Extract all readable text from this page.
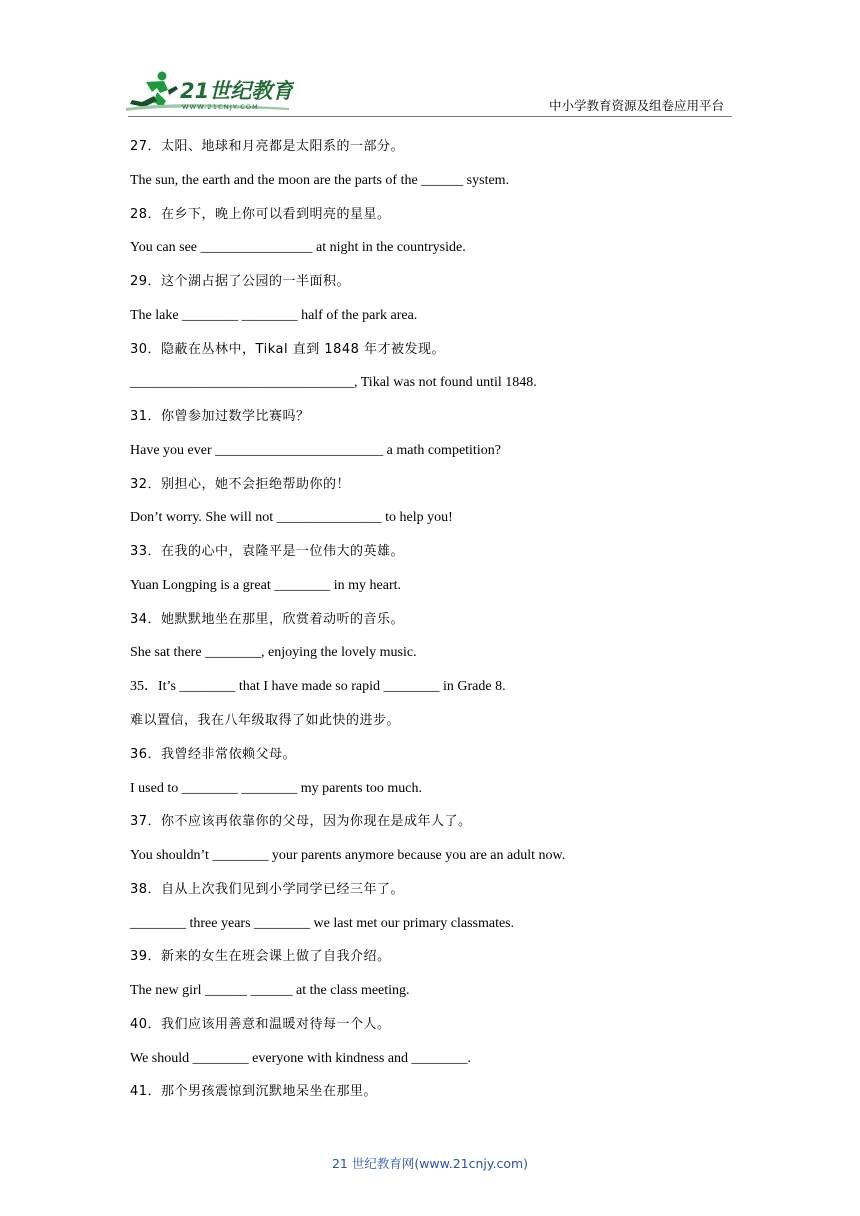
21世纪教育
WWW.21CNJY.COM	中小学教育资源及组卷应用平台
27．太阳、地球和月亮都是太阳系的一部分。
The sun, the earth and the moon are the parts of the ______ system.
28．在乡下，晚上你可以看到明亮的星星。
You can see ________________ at night in the countryside.
29．这个湖占据了公园的一半面积。
The lake ________ ________ half of the park area.
30．隐蔽在丛林中，Tikal 直到 1848 年才被发现。
________________________________, Tikal was not found until 1848.
31．你曾参加过数学比赛吗？
Have you ever ________________________ a math competition?
32．别担心，她不会拒绝帮助你的！
Don’t worry. She will not _______________ to help you!
33．在我的心中，袁隆平是一位伟大的英雄。
Yuan Longping is a great ________ in my heart.
34．她默默地坐在那里，欣赏着动听的音乐。
She sat there ________, enjoying the lovely music.
35．It’s ________ that I have made so rapid ________ in Grade 8.
难以置信，我在八年级取得了如此快的进步。
36．我曾经非常依赖父母。
I used to ________ ________ my parents too much.
37．你不应该再依靠你的父母，因为你现在是成年人了。
You shouldn’t ________ your parents anymore because you are an adult now.
38．自从上次我们见到小学同学已经三年了。
________ three years ________ we last met our primary classmates.
39．新来的女生在班会课上做了自我介绍。
The new girl ______ ______ at the class meeting.
40．我们应该用善意和温暖对待每一个人。
We should ________ everyone with kindness and ________.
41．那个男孩震惊到沉默地呆坐在那里。
21 世纪教育网(www.21cnjy.com)
